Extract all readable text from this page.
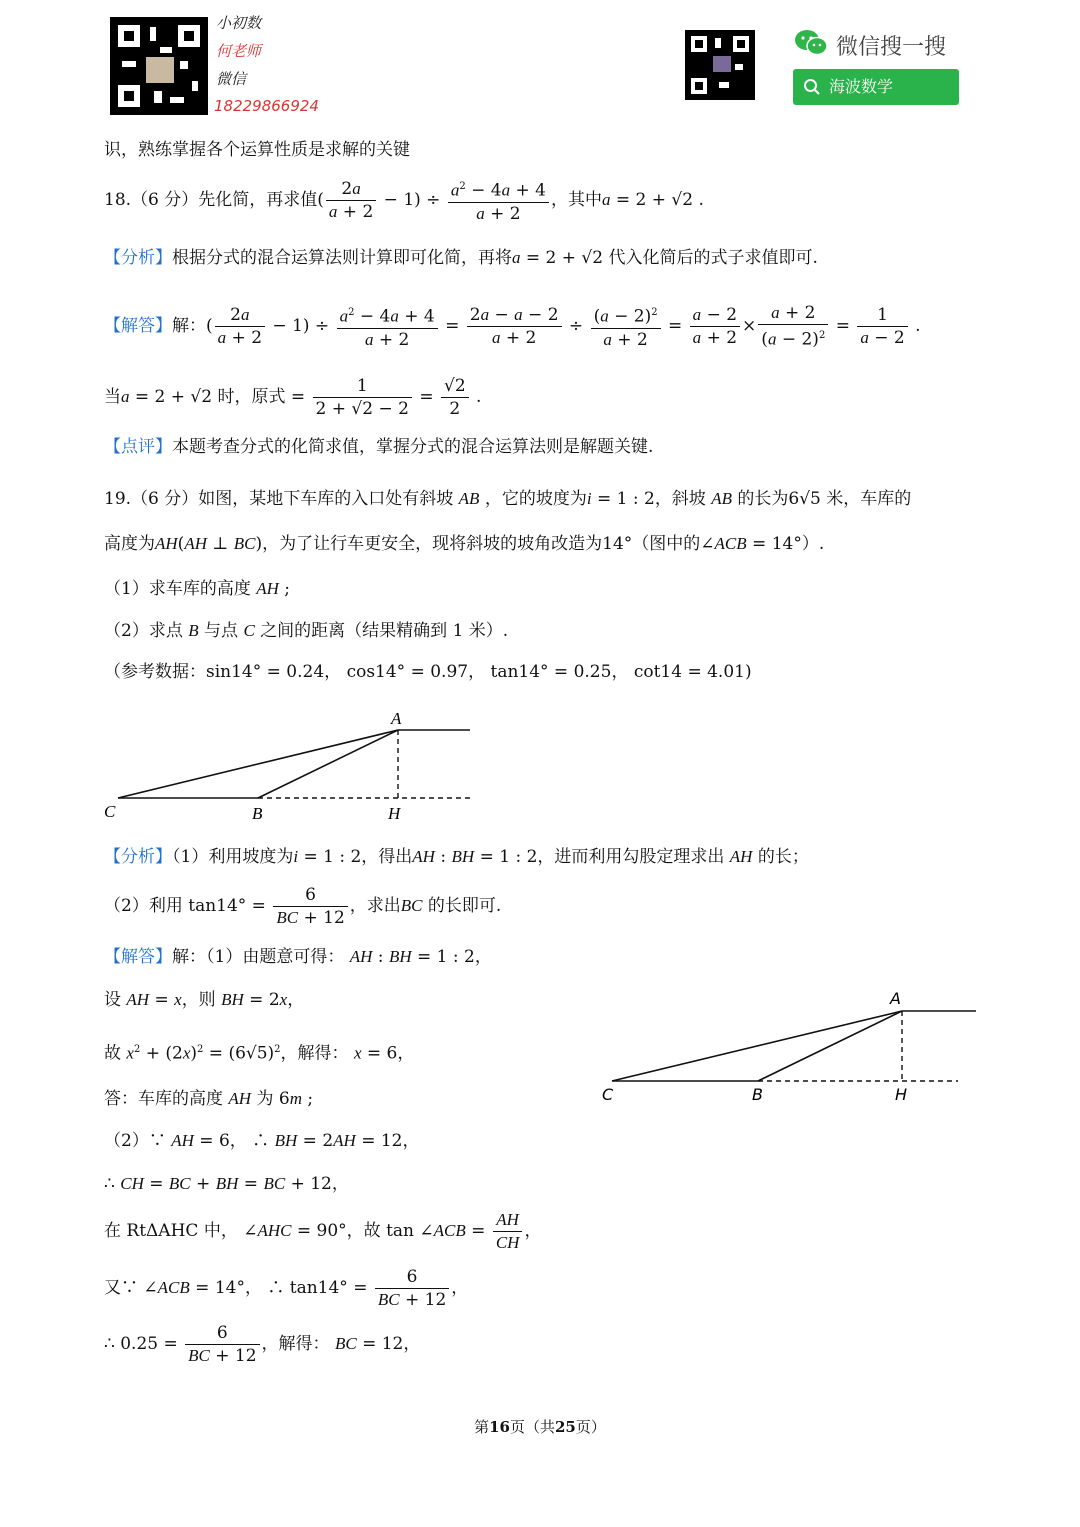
小初数
何老师
微信
18229866924
微信搜一搜
海波数学
识，熟练掌握各个运算性质是求解的关键
18.（6 分）先化简，再求值( $\frac{2a}{a + 2} - 1) \div \frac{a^2 - 4a + 4}{a + 2}$ ，其中a = 2 + √2 .
【分析】根据分式的混合运算法则计算即可化简，再将a = 2 + √2 代入化简后的式子求值即可.
【解答】解：( $\frac{2a}{a + 2} - 1) \div \frac{a^2 - 4a + 4}{a + 2} = \frac{2a - a - 2}{a + 2} \div \frac{(a - 2)^2}{a + 2} = \frac{a - 2}{a + 2} \times \frac{a + 2}{(a - 2)^2} = \frac{1}{a - 2}$ .
当a = 2 + √2 时，原式 = $\frac{1}{2 + √2 - 2} = \frac{√2}{2}$ .
【点评】本题考查分式的化简求值，掌握分式的混合运算法则是解题关键.
19.（6 分）如图，某地下车库的入口处有斜坡 AB ，它的坡度为i = 1 : 2，斜坡 AB 的长为6√5 米，车库的
高度为AH(AH ⊥ BC)，为了让行车更安全，现将斜坡的坡角改造为14°（图中的∠ACB = 14°）.
（1）求车库的高度 AH ;
（2）求点 B 与点 C 之间的距离（结果精确到 1 米）.
（参考数据：sin14° = 0.24， cos14° = 0.97， tan14° = 0.25， cot14 = 4.01)
A
C	B	H
【分析】（1）利用坡度为i = 1 : 2，得出AH : BH = 1 : 2，进而利用勾股定理求出 AH 的长；
（2）利用 $\tan 14^\circ = \frac{6}{BC + 12}$ ，求出BC 的长即可.
【解答】解：（1）由题意可得： AH : BH = 1 : 2，
设 AH = x，则 BH = 2x，
故 $x^2 + (2x)^2 = (6√5)^2$，解得： x = 6，
答：车库的高度 AH 为 6m ;
（2）∵ AH = 6， ∴ BH = 2AH = 12，
∴ CH = BC + BH = BC + 12，
在 RtΔAHC 中， ∠AHC = 90°，故 tan ∠ACB = $\frac{AH}{CH}$ ，
又∵ ∠ACB = 14°， ∴ $\tan 14^\circ = \frac{6}{BC + 12}$ ，
∴ $0.25 = \frac{6}{BC + 12}$ ，解得： BC = 12，
A
C	B	H
第16页（共25页）
